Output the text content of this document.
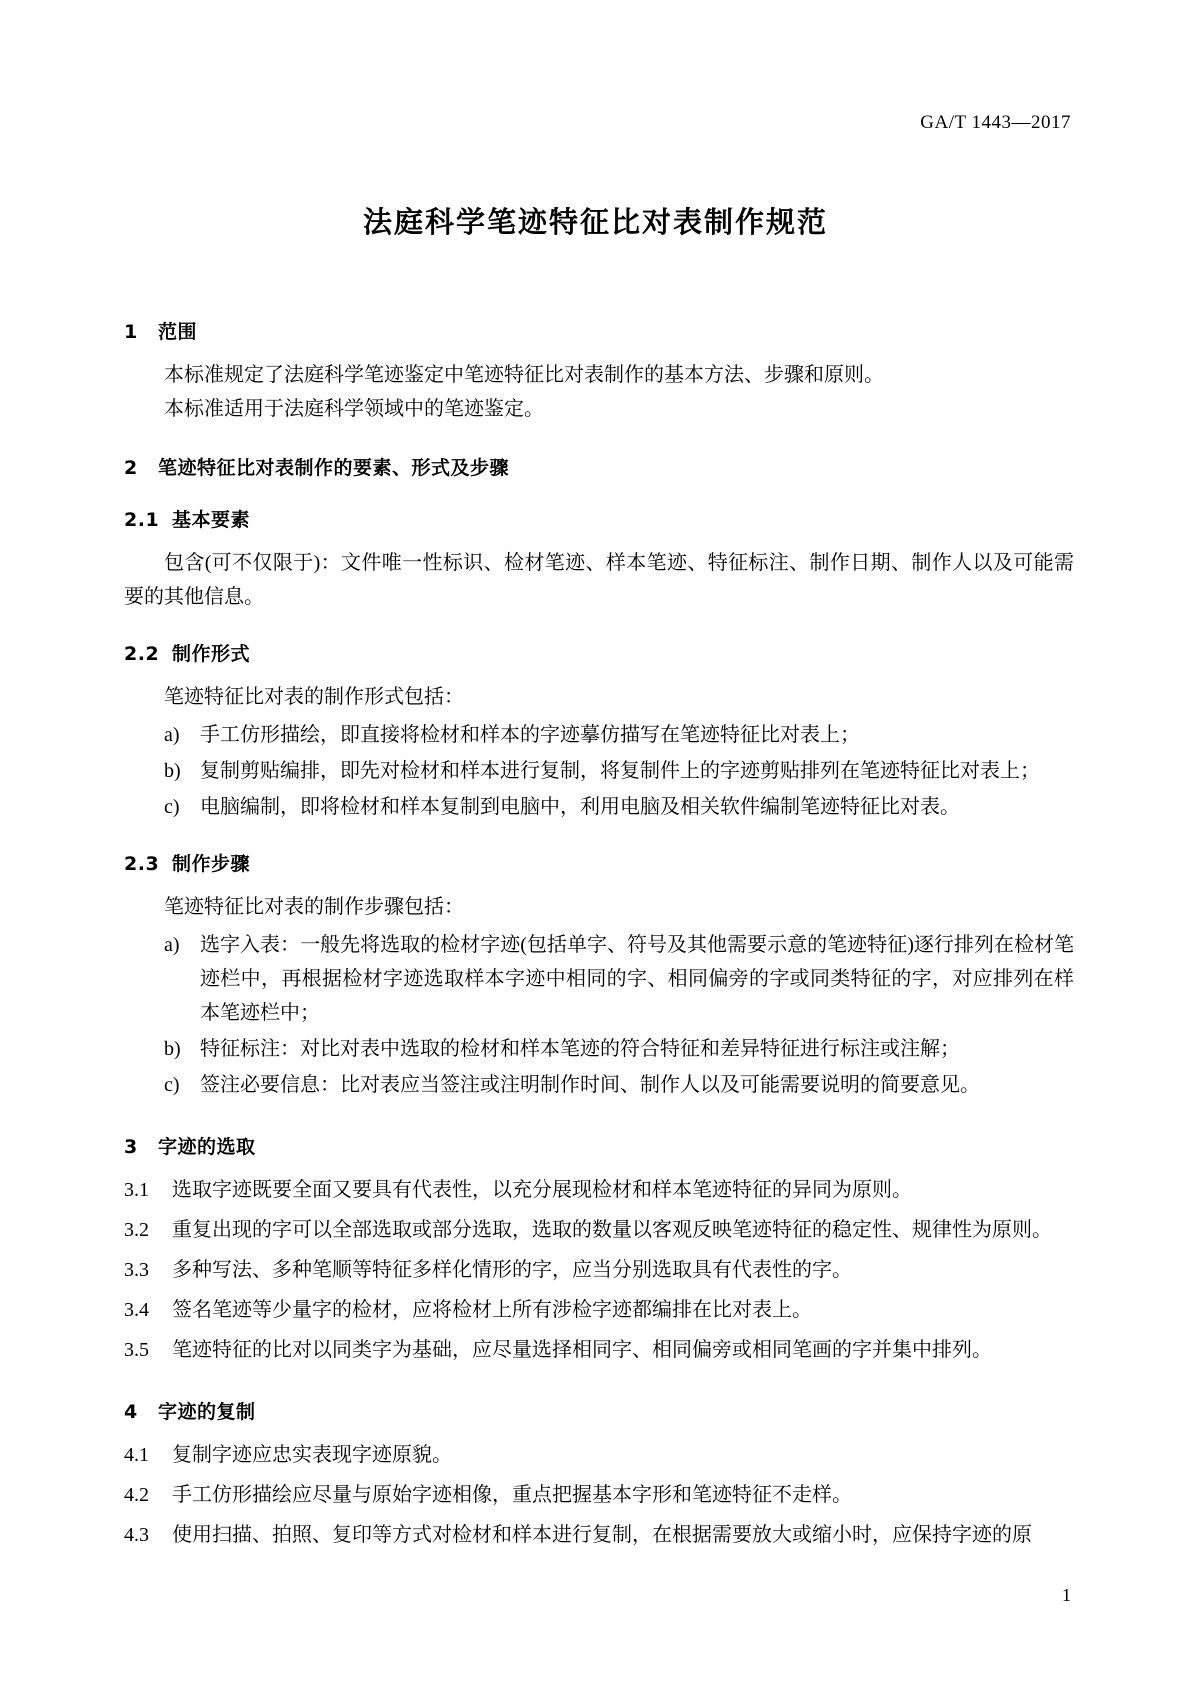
GA/T 1443—2017
法庭科学笔迹特征比对表制作规范
1 范围
本标准规定了法庭科学笔迹鉴定中笔迹特征比对表制作的基本方法、步骤和原则。
本标准适用于法庭科学领域中的笔迹鉴定。
2 笔迹特征比对表制作的要素、形式及步骤
2.1 基本要素
包含(可不仅限于)：文件唯一性标识、检材笔迹、样本笔迹、特征标注、制作日期、制作人以及可能需要的其他信息。
2.2 制作形式
笔迹特征比对表的制作形式包括：
a)	手工仿形描绘，即直接将检材和样本的字迹摹仿描写在笔迹特征比对表上；
b) 复制剪贴编排，即先对检材和样本进行复制，将复制件上的字迹剪贴排列在笔迹特征比对表上；
c)	电脑编制，即将检材和样本复制到电脑中，利用电脑及相关软件编制笔迹特征比对表。
2.3 制作步骤
笔迹特征比对表的制作步骤包括：
a)	选字入表：一般先将选取的检材字迹(包括单字、符号及其他需要示意的笔迹特征)逐行排列在检材笔迹栏中，再根据检材字迹选取样本字迹中相同的字、相同偏旁的字或同类特征的字，对应排列在样本笔迹栏中；
b) 特征标注：对比对表中选取的检材和样本笔迹的符合特征和差异特征进行标注或注解；
c)	签注必要信息：比对表应当签注或注明制作时间、制作人以及可能需要说明的简要意见。
3 字迹的选取
3.1	选取字迹既要全面又要具有代表性，以充分展现检材和样本笔迹特征的异同为原则。
3.2	重复出现的字可以全部选取或部分选取，选取的数量以客观反映笔迹特征的稳定性、规律性为原则。
3.3	多种写法、多种笔顺等特征多样化情形的字，应当分别选取具有代表性的字。
3.4	签名笔迹等少量字的检材，应将检材上所有涉检字迹都编排在比对表上。
3.5	笔迹特征的比对以同类字为基础，应尽量选择相同字、相同偏旁或相同笔画的字并集中排列。
4 字迹的复制
4.1	复制字迹应忠实表现字迹原貌。
4.2	手工仿形描绘应尽量与原始字迹相像，重点把握基本字形和笔迹特征不走样。
4.3	使用扫描、拍照、复印等方式对检材和样本进行复制，在根据需要放大或缩小时，应保持字迹的原
1
